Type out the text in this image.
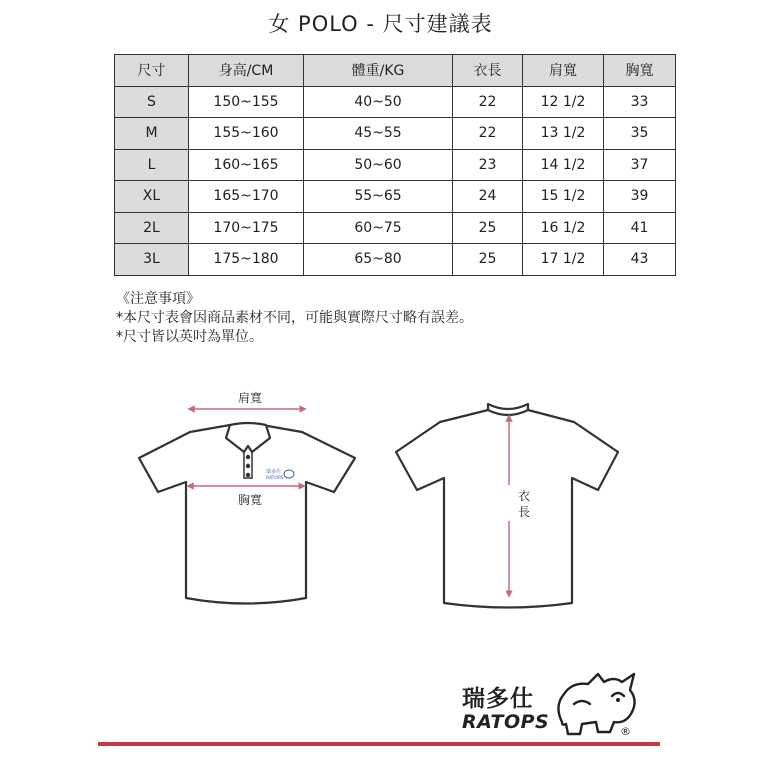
女 POLO - 尺寸建議表
尺寸	身高/CM	體重/KG	衣長	肩寬	胸寬
S	150~155	40~50	22	12 1/2	33
M	155~160	45~55	22	13 1/2	35
L	160~165	50~60	23	14 1/2	37
XL	165~170	55~65	24	15 1/2	39
2L	170~175	60~75	25	16 1/2	41
3L	175~180	65~80	25	17 1/2	43
《注意事項》
*本尺寸表會因商品素材不同，可能與實際尺寸略有誤差。
*尺寸皆以英吋為單位。
瑞多仕
RATOPS
肩寬
胸寬	衣
長
瑞多仕
RATOPS	®
